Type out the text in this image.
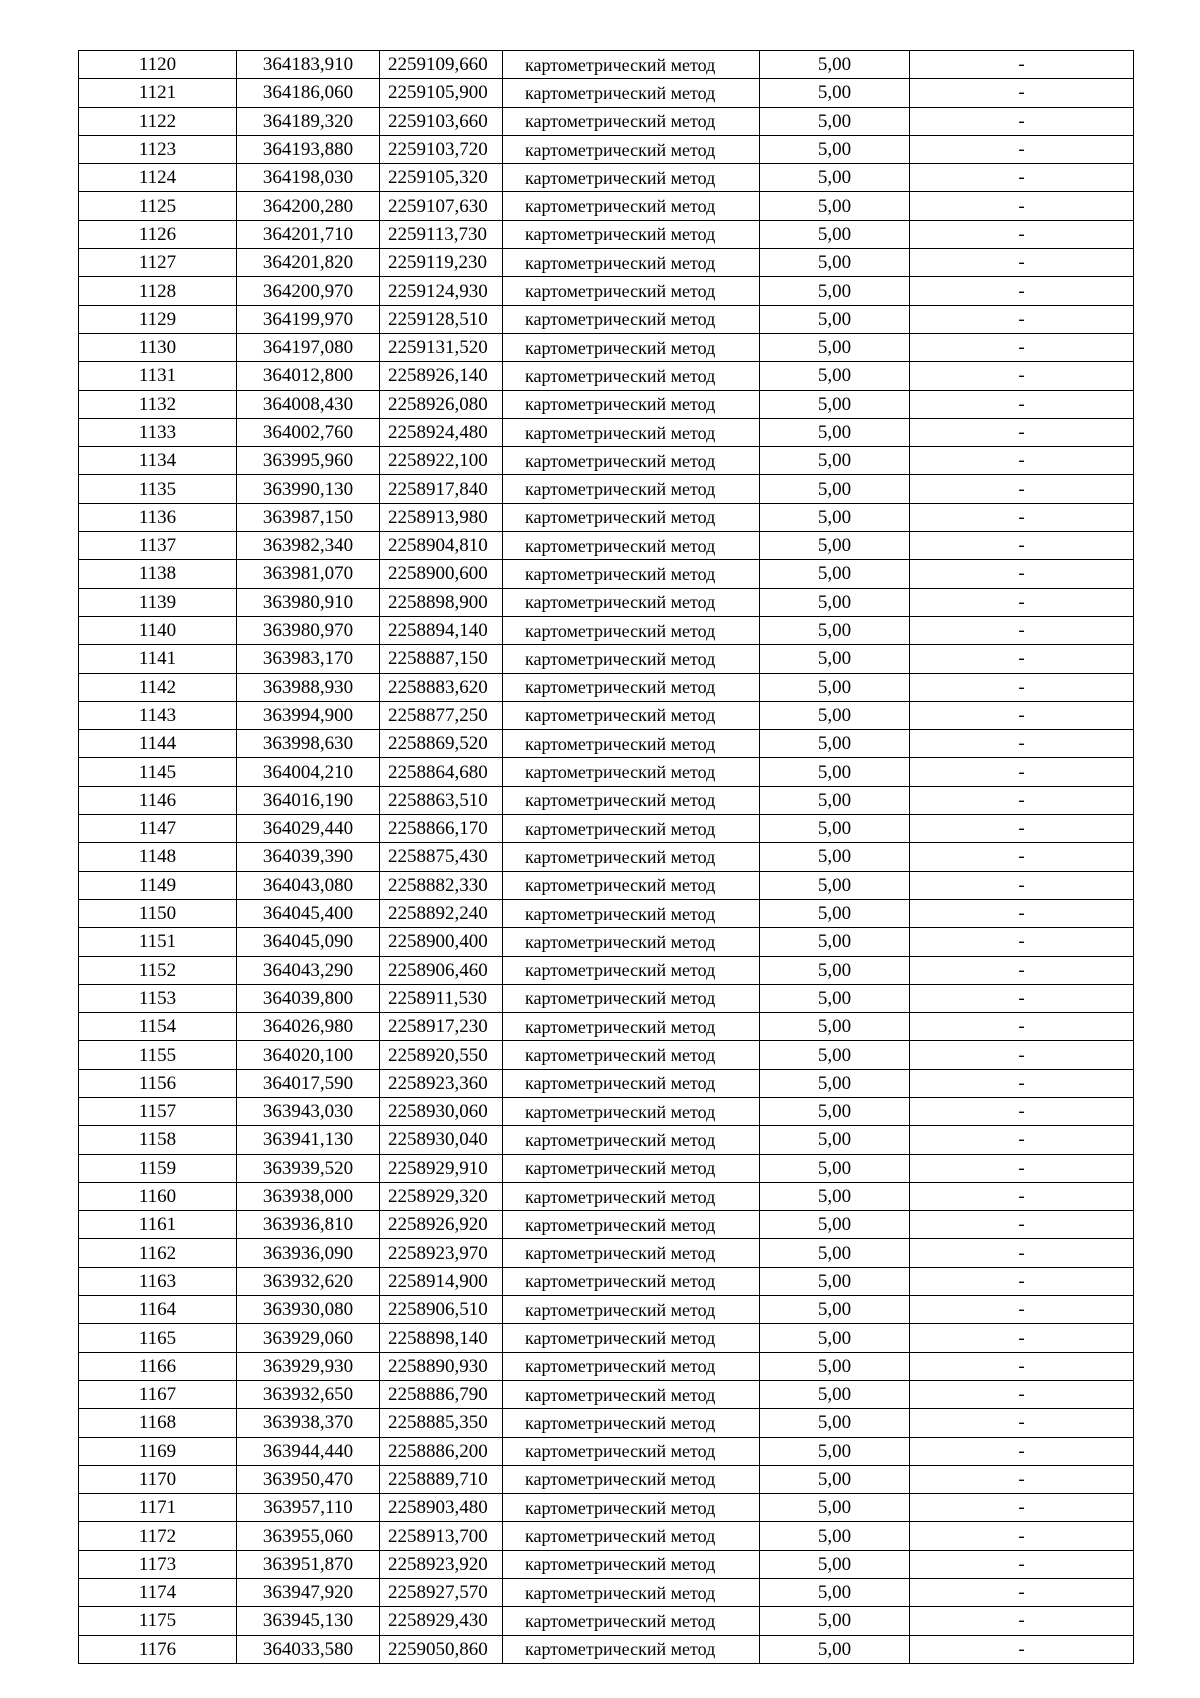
1120	364183,910	2259109,660	картометрический метод	5,00	-
1121	364186,060	2259105,900	картометрический метод	5,00	-
1122	364189,320	2259103,660	картометрический метод	5,00	-
1123	364193,880	2259103,720	картометрический метод	5,00	-
1124	364198,030	2259105,320	картометрический метод	5,00	-
1125	364200,280	2259107,630	картометрический метод	5,00	-
1126	364201,710	2259113,730	картометрический метод	5,00	-
1127	364201,820	2259119,230	картометрический метод	5,00	-
1128	364200,970	2259124,930	картометрический метод	5,00	-
1129	364199,970	2259128,510	картометрический метод	5,00	-
1130	364197,080	2259131,520	картометрический метод	5,00	-
1131	364012,800	2258926,140	картометрический метод	5,00	-
1132	364008,430	2258926,080	картометрический метод	5,00	-
1133	364002,760	2258924,480	картометрический метод	5,00	-
1134	363995,960	2258922,100	картометрический метод	5,00	-
1135	363990,130	2258917,840	картометрический метод	5,00	-
1136	363987,150	2258913,980	картометрический метод	5,00	-
1137	363982,340	2258904,810	картометрический метод	5,00	-
1138	363981,070	2258900,600	картометрический метод	5,00	-
1139	363980,910	2258898,900	картометрический метод	5,00	-
1140	363980,970	2258894,140	картометрический метод	5,00	-
1141	363983,170	2258887,150	картометрический метод	5,00	-
1142	363988,930	2258883,620	картометрический метод	5,00	-
1143	363994,900	2258877,250	картометрический метод	5,00	-
1144	363998,630	2258869,520	картометрический метод	5,00	-
1145	364004,210	2258864,680	картометрический метод	5,00	-
1146	364016,190	2258863,510	картометрический метод	5,00	-
1147	364029,440	2258866,170	картометрический метод	5,00	-
1148	364039,390	2258875,430	картометрический метод	5,00	-
1149	364043,080	2258882,330	картометрический метод	5,00	-
1150	364045,400	2258892,240	картометрический метод	5,00	-
1151	364045,090	2258900,400	картометрический метод	5,00	-
1152	364043,290	2258906,460	картометрический метод	5,00	-
1153	364039,800	2258911,530	картометрический метод	5,00	-
1154	364026,980	2258917,230	картометрический метод	5,00	-
1155	364020,100	2258920,550	картометрический метод	5,00	-
1156	364017,590	2258923,360	картометрический метод	5,00	-
1157	363943,030	2258930,060	картометрический метод	5,00	-
1158	363941,130	2258930,040	картометрический метод	5,00	-
1159	363939,520	2258929,910	картометрический метод	5,00	-
1160	363938,000	2258929,320	картометрический метод	5,00	-
1161	363936,810	2258926,920	картометрический метод	5,00	-
1162	363936,090	2258923,970	картометрический метод	5,00	-
1163	363932,620	2258914,900	картометрический метод	5,00	-
1164	363930,080	2258906,510	картометрический метод	5,00	-
1165	363929,060	2258898,140	картометрический метод	5,00	-
1166	363929,930	2258890,930	картометрический метод	5,00	-
1167	363932,650	2258886,790	картометрический метод	5,00	-
1168	363938,370	2258885,350	картометрический метод	5,00	-
1169	363944,440	2258886,200	картометрический метод	5,00	-
1170	363950,470	2258889,710	картометрический метод	5,00	-
1171	363957,110	2258903,480	картометрический метод	5,00	-
1172	363955,060	2258913,700	картометрический метод	5,00	-
1173	363951,870	2258923,920	картометрический метод	5,00	-
1174	363947,920	2258927,570	картометрический метод	5,00	-
1175	363945,130	2258929,430	картометрический метод	5,00	-
1176	364033,580	2259050,860	картометрический метод	5,00	-
